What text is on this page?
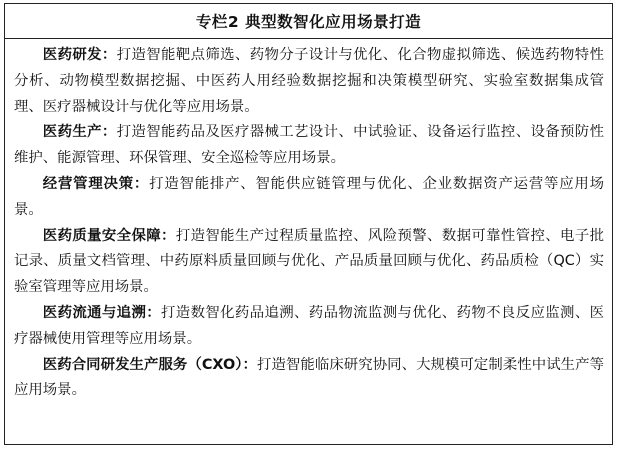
专栏2 典型数智化应用场景打造

医药研发：打造智能靶点筛选、药物分子设计与优化、化合物虚拟筛选、候选药物特性分析、动物模型数据挖掘、中医药人用经验数据挖掘和决策模型研究、实验室数据集成管理、医疗器械设计与优化等应用场景。

医药生产：打造智能药品及医疗器械工艺设计、中试验证、设备运行监控、设备预防性维护、能源管理、环保管理、安全巡检等应用场景。

经营管理决策：打造智能排产、智能供应链管理与优化、企业数据资产运营等应用场景。

医药质量安全保障：打造智能生产过程质量监控、风险预警、数据可靠性管控、电子批记录、质量文档管理、中药原料质量回顾与优化、产品质量回顾与优化、药品质检（QC）实验室管理等应用场景。

医药流通与追溯：打造数智化药品追溯、药品物流监测与优化、药物不良反应监测、医疗器械使用管理等应用场景。

医药合同研发生产服务（CXO）：打造智能临床研究协同、大规模可定制柔性中试生产等应用场景。
